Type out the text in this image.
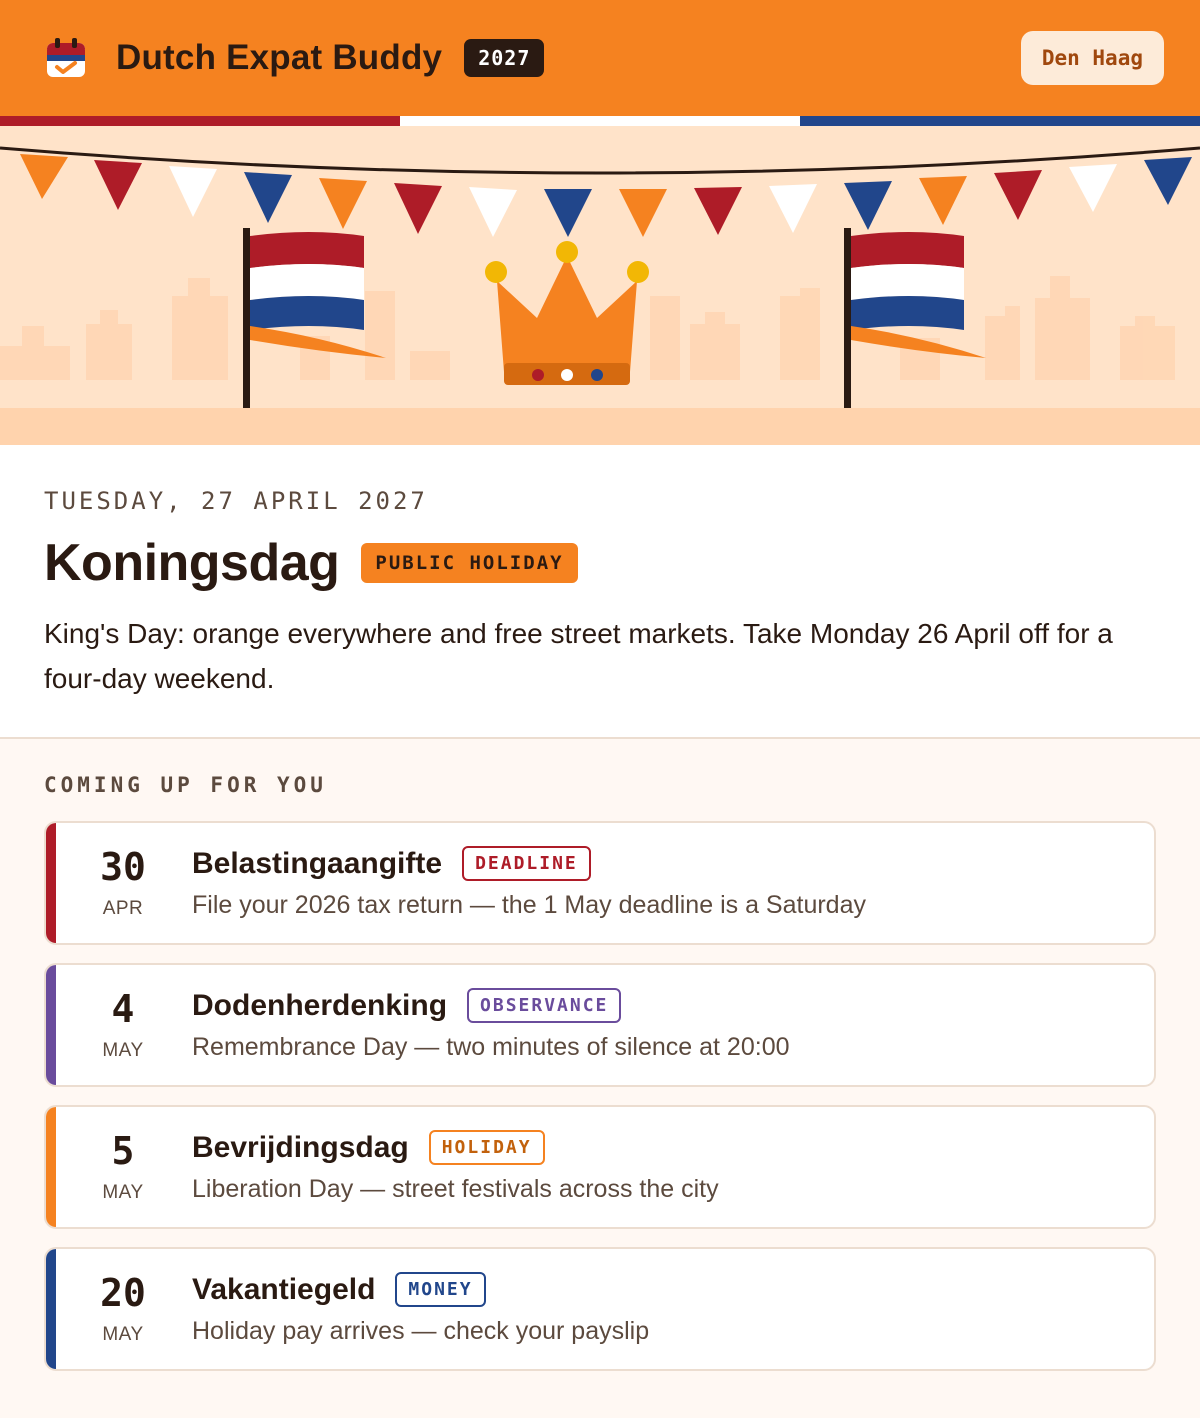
Dutch Expat Buddy	2027	Den Haag
TUESDAY, 27 APRIL 2027
Koningsdag	PUBLIC HOLIDAY

King's Day: orange everywhere and free street markets. Take Monday 26 April off for a four-day weekend.

COMING UP FOR YOU
30
APR
Belastingaangifte	DEADLINE
File your 2026 tax return — the 1 May deadline is a Saturday
4
MAY
Dodenherdenking	OBSERVANCE
Remembrance Day — two minutes of silence at 20:00
5
MAY
Bevrijdingsdag	HOLIDAY
Liberation Day — street festivals across the city
20
MAY
Vakantiegeld	MONEY
Holiday pay arrives — check your payslip
